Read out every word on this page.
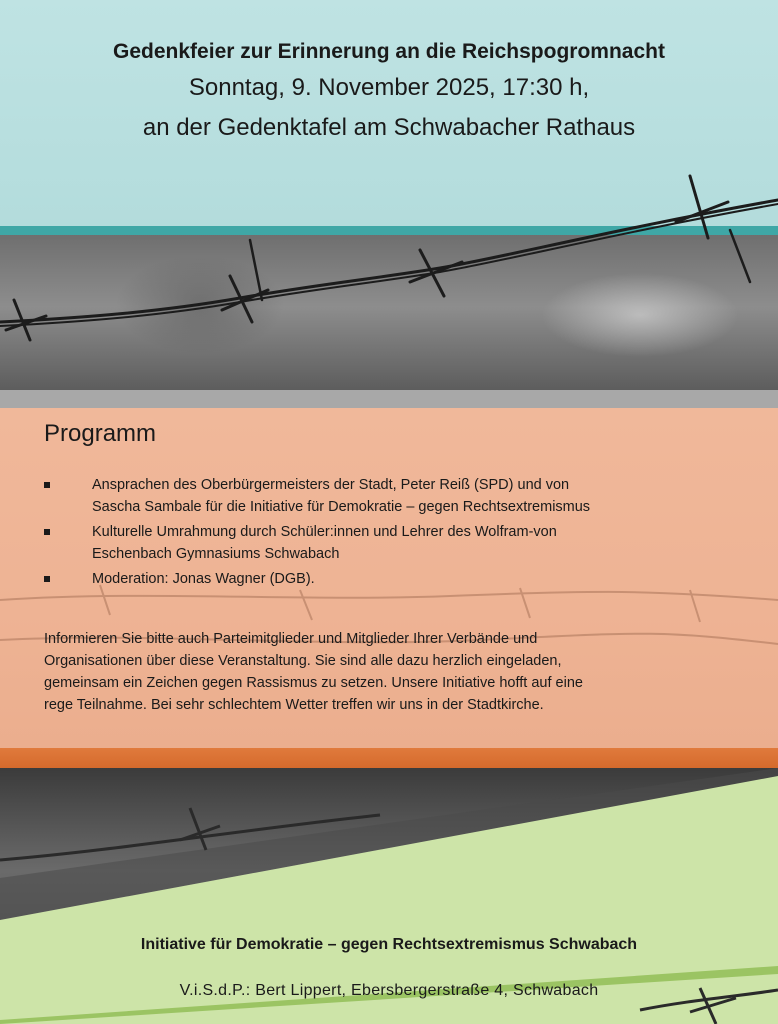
Gedenkfeier zur Erinnerung an die Reichspogromnacht
Sonntag, 9. November 2025, 17:30 h,
an der Gedenktafel am Schwabacher Rathaus
Programm
Ansprachen des Oberbürgermeisters der Stadt, Peter Reiß (SPD) und von
Sascha Sambale für die Initiative für Demokratie – gegen Rechtsextremismus
Kulturelle Umrahmung durch Schüler:innen und Lehrer des Wolfram-von
Eschenbach Gymnasiums Schwabach
Moderation: Jonas Wagner (DGB).
Informieren Sie bitte auch Parteimitglieder und Mitglieder Ihrer Verbände und
Organisationen über diese Veranstaltung. Sie sind alle dazu herzlich eingeladen,
gemeinsam ein Zeichen gegen Rassismus zu setzen. Unsere Initiative hofft auf eine
rege Teilnahme. Bei sehr schlechtem Wetter treffen wir uns in der Stadtkirche.
Initiative für Demokratie – gegen Rechtsextremismus Schwabach
V.i.S.d.P.: Bert Lippert, Ebersbergerstraße 4, Schwabach
